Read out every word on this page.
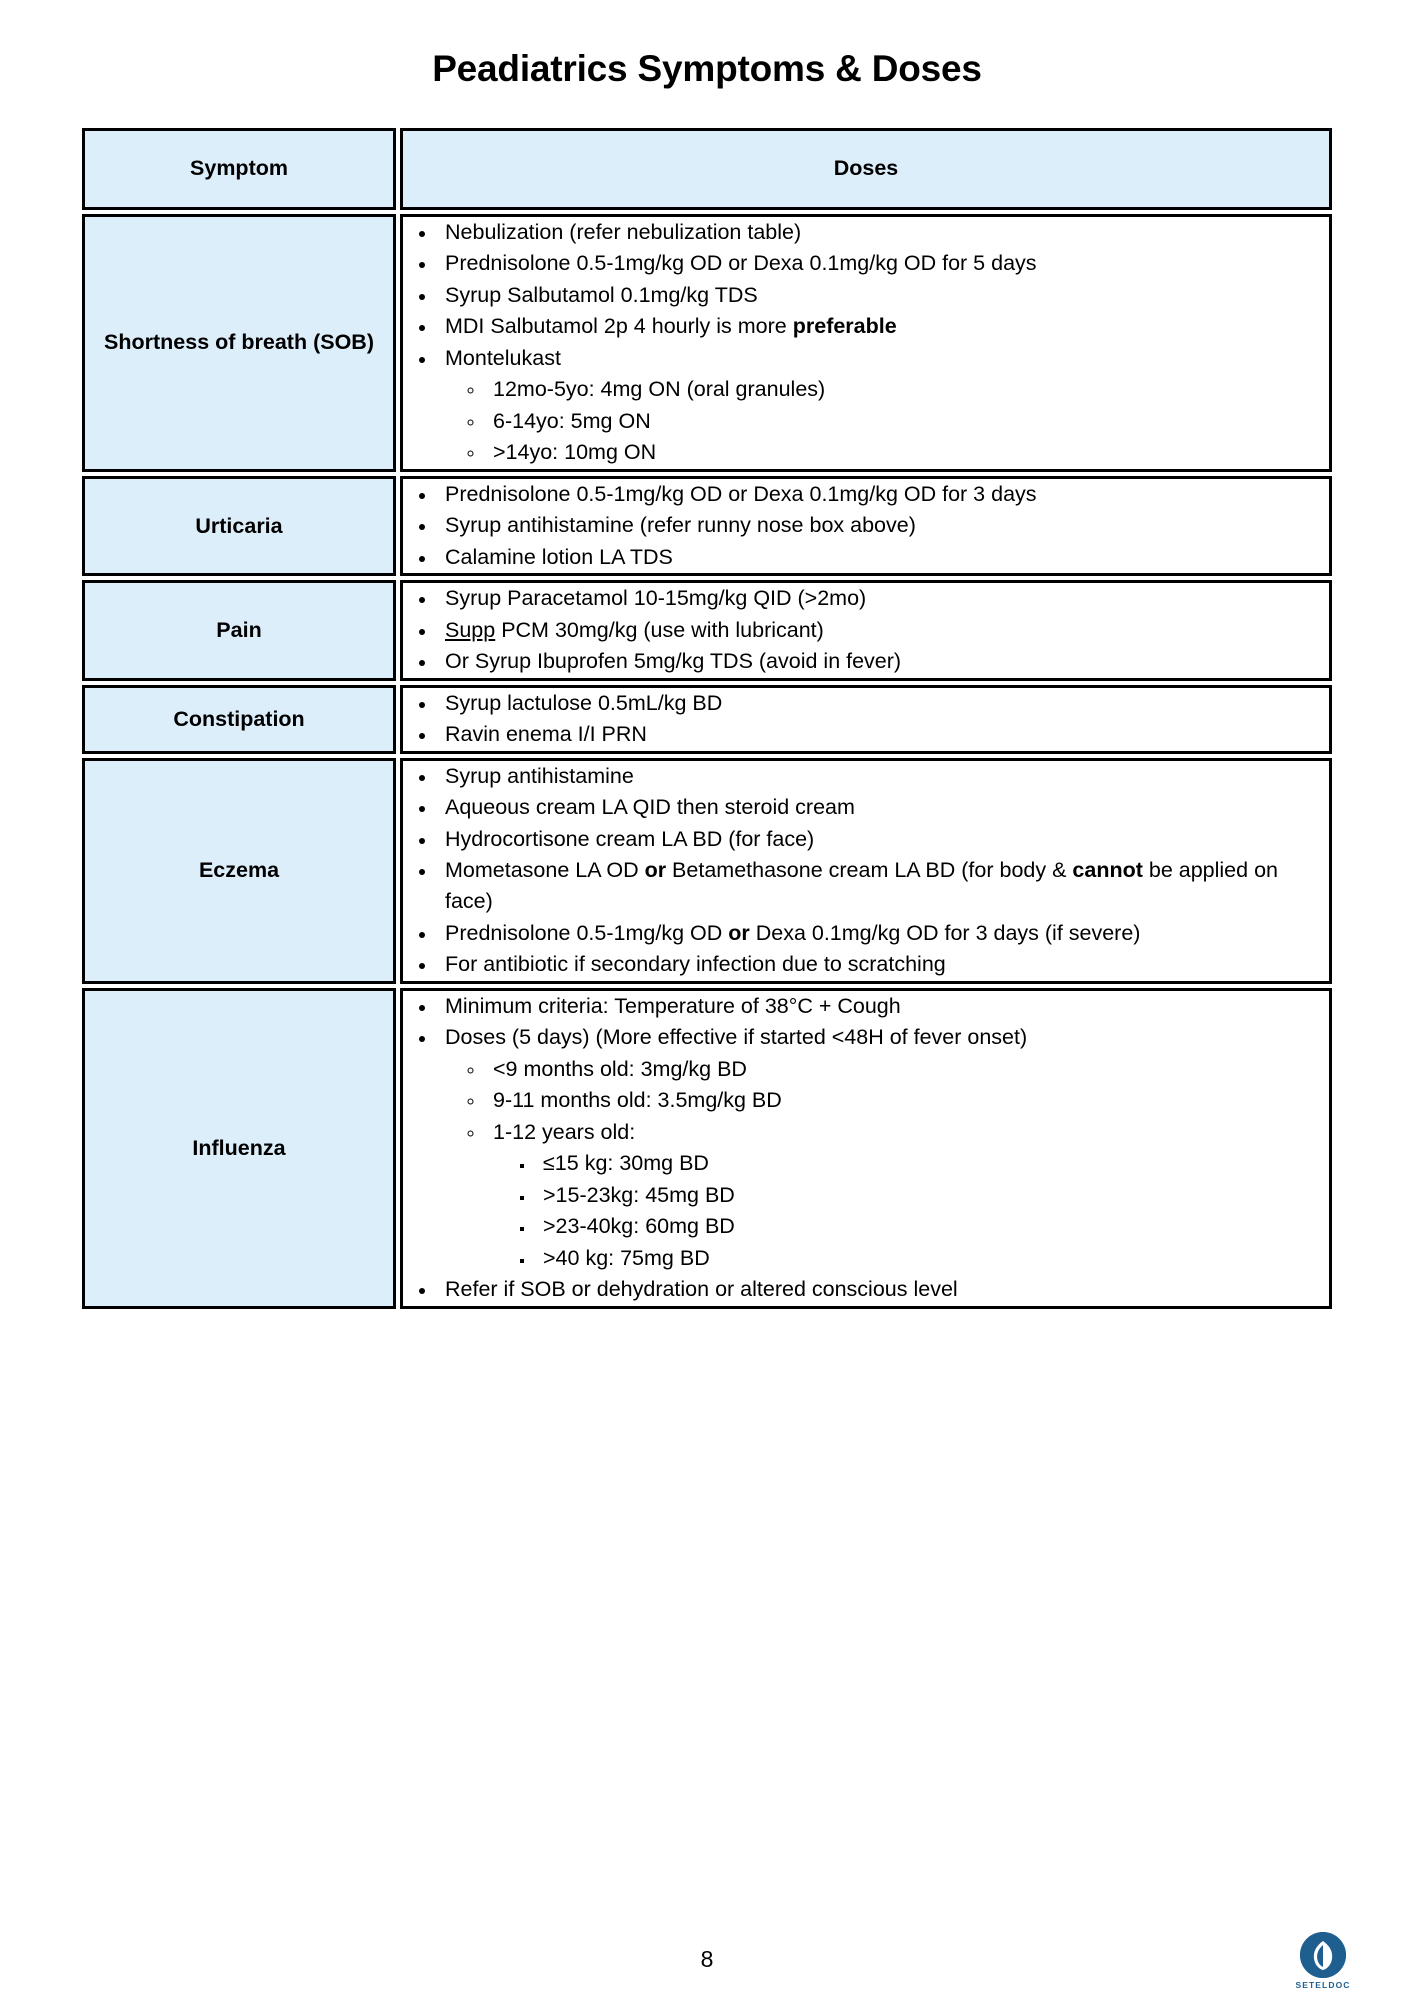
Peadiatrics Symptoms & Doses
Symptom	Doses
Shortness of breath (SOB)	
• Nebulization (refer nebulization table)
• Prednisolone 0.5-1mg/kg OD or Dexa 0.1mg/kg OD for 5 days
• Syrup Salbutamol 0.1mg/kg TDS
• MDI Salbutamol 2p 4 hourly is more preferable
• Montelukast
◦ 12mo-5yo: 4mg ON (oral granules)
◦ 6-14yo: 5mg ON
◦ >14yo: 10mg ON

Urticaria	
• Prednisolone 0.5-1mg/kg OD or Dexa 0.1mg/kg OD for 3 days
• Syrup antihistamine (refer runny nose box above)
• Calamine lotion LA TDS

Pain	
• Syrup Paracetamol 10-15mg/kg QID (>2mo)
• Supp PCM 30mg/kg (use with lubricant)
• Or Syrup Ibuprofen 5mg/kg TDS (avoid in fever)

Constipation	
• Syrup lactulose 0.5mL/kg BD
• Ravin enema I/I PRN

Eczema	
• Syrup antihistamine
• Aqueous cream LA QID then steroid cream
• Hydrocortisone cream LA BD (for face)
• Mometasone LA OD or Betamethasone cream LA BD (for body & cannot be applied on face)
• Prednisolone 0.5-1mg/kg OD or Dexa 0.1mg/kg OD for 3 days (if severe)
• For antibiotic if secondary infection due to scratching

Influenza	
• Minimum criteria: Temperature of 38°C + Cough
• Doses (5 days) (More effective if started <48H of fever onset)
◦ <9 months old: 3mg/kg BD
◦ 9-11 months old: 3.5mg/kg BD
◦ 1-12 years old:
▪ ≤15 kg: 30mg BD
▪ >15-23kg: 45mg BD
▪ >23-40kg: 60mg BD
▪ >40 kg: 75mg BD
• Refer if SOB or dehydration or altered conscious level
8
SETELDOC
